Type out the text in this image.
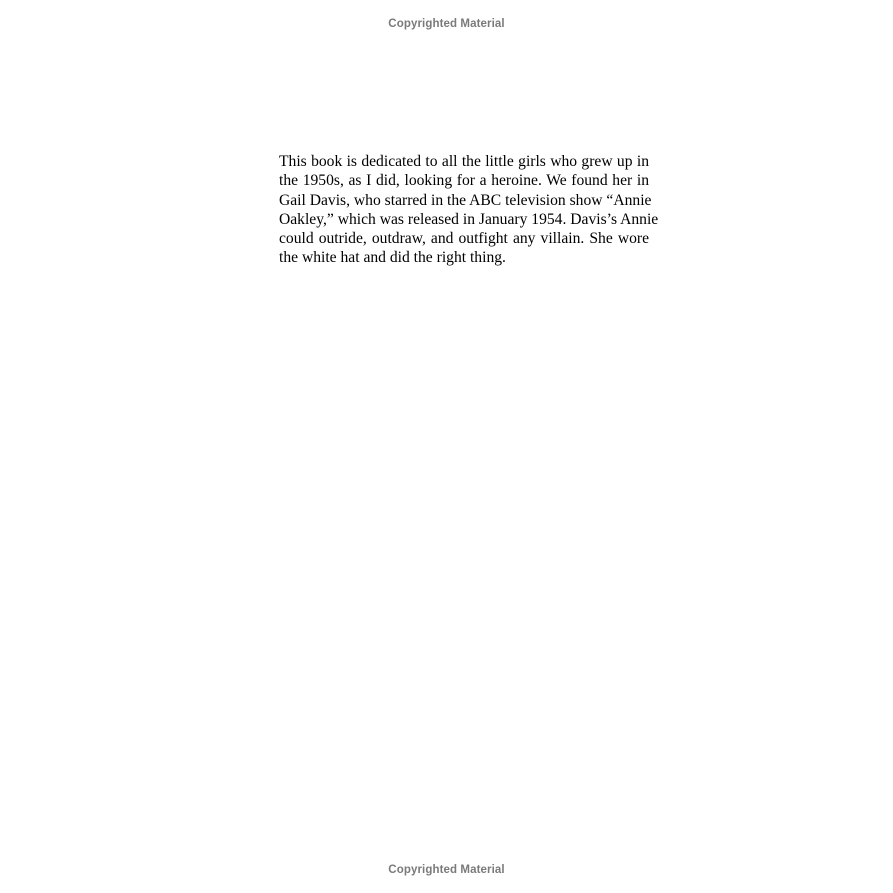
Copyrighted Material

This book is dedicated to all the little girls who grew up in
the 1950s, as I did, looking for a heroine. We found her in
Gail Davis, who starred in the ABC television show “Annie
Oakley,” which was released in January 1954. Davis’s Annie
could outride, outdraw, and outfight any villain. She wore
the white hat and did the right thing.

Copyrighted Material
